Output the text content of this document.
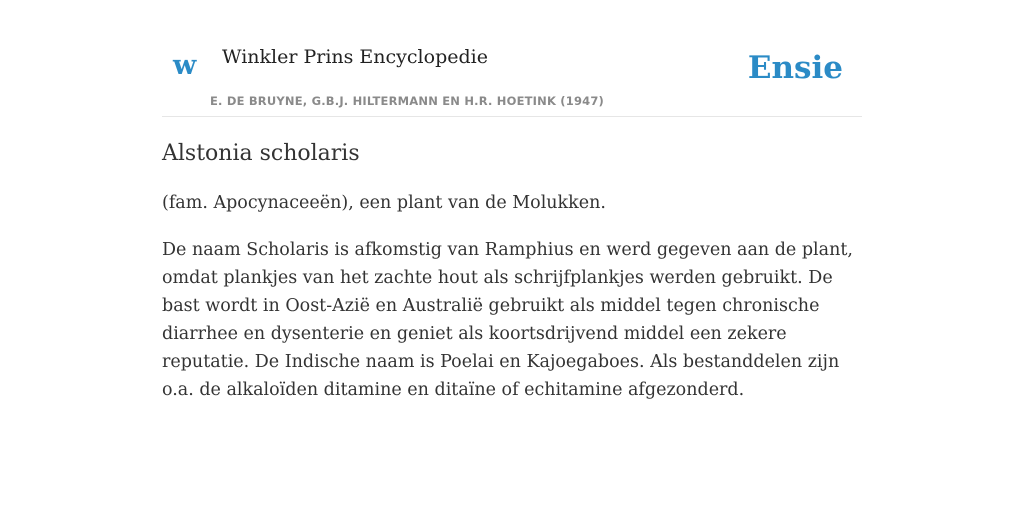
w Winkler Prins Encyclopedie
E. DE BRUYNE, G.B.J. HILTERMANN EN H.R. HOETINK (1947)
Ensie
Alstonia scholaris

(fam. Apocynaceeën), een plant van de Molukken.

De naam Scholaris is afkomstig van Ramphius en werd gegeven aan de plant, omdat plankjes van het zachte hout als schrijfplankjes werden gebruikt. De bast wordt in Oost-Azië en Australië gebruikt als middel tegen chronische diarrhee en dysenterie en geniet als koortsdrijvend middel een zekere reputatie. De Indische naam is Poelai en Kajoegaboes. Als bestanddelen zijn o.a. de alkaloïden ditamine en ditaïne of echitamine afgezonderd.
